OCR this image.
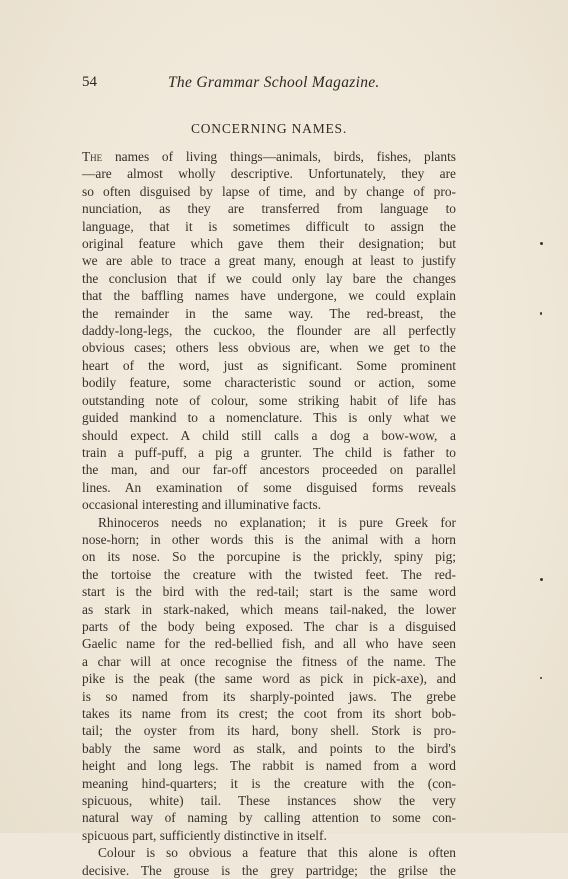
54	The Grammar School Magazine.
CONCERNING NAMES.

The names of living things—animals, birds, fishes, plants
—are almost wholly descriptive. Unfortunately, they are
so often disguised by lapse of time, and by change of pro-
nunciation, as they are transferred from language to
language, that it is sometimes difficult to assign the
original feature which gave them their designation; but
we are able to trace a great many, enough at least to justify
the conclusion that if we could only lay bare the changes
that the baffling names have undergone, we could explain
the remainder in the same way. The red-breast, the
daddy-long-legs, the cuckoo, the flounder are all perfectly
obvious cases; others less obvious are, when we get to the
heart of the word, just as significant. Some prominent
bodily feature, some characteristic sound or action, some
outstanding note of colour, some striking habit of life has
guided mankind to a nomenclature. This is only what we
should expect. A child still calls a dog a bow-wow, a
train a puff-puff, a pig a grunter. The child is father to
the man, and our far-off ancestors proceeded on parallel
lines. An examination of some disguised forms reveals
occasional interesting and illuminative facts.

Rhinoceros needs no explanation; it is pure Greek for
nose-horn; in other words this is the animal with a horn
on its nose. So the porcupine is the prickly, spiny pig;
the tortoise the creature with the twisted feet. The red-
start is the bird with the red-tail; start is the same word
as stark in stark-naked, which means tail-naked, the lower
parts of the body being exposed. The char is a disguised
Gaelic name for the red-bellied fish, and all who have seen
a char will at once recognise the fitness of the name. The
pike is the peak (the same word as pick in pick-axe), and
is so named from its sharply-pointed jaws. The grebe
takes its name from its crest; the coot from its short bob-
tail; the oyster from its hard, bony shell. Stork is pro-
bably the same word as stalk, and points to the bird's
height and long legs. The rabbit is named from a word
meaning hind-quarters; it is the creature with the (con-
spicuous, white) tail. These instances show the very
natural way of naming by calling attention to some con-
spicuous part, sufficiently distinctive in itself.

Colour is so obvious a feature that this alone is often
decisive. The grouse is the grey partridge; the grilse the
